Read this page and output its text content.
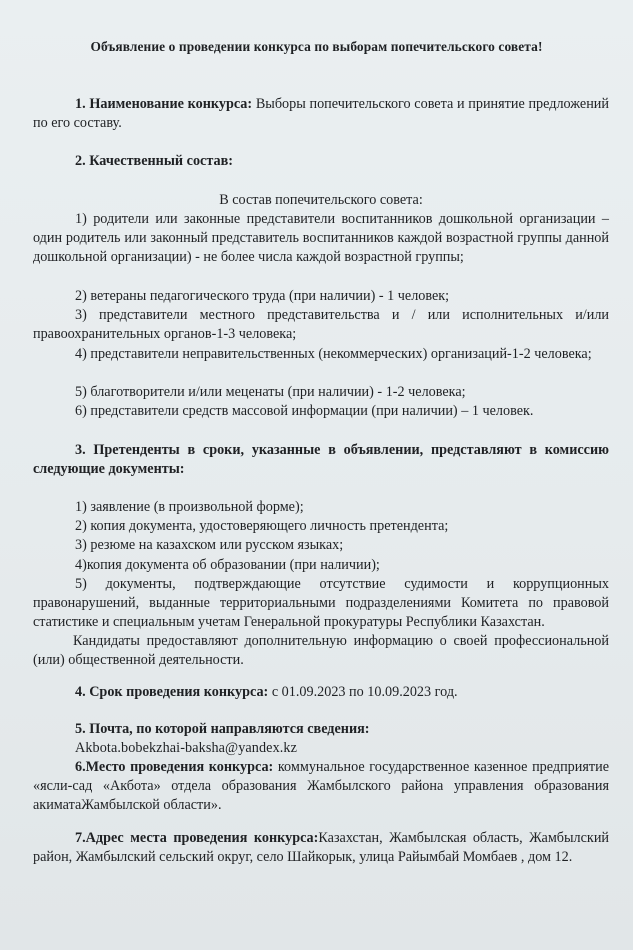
Объявление о проведении конкурса по выборам попечительского совета!
1. Наименование конкурса: Выборы попечительского совета и принятие предложений по его составу.
2. Качественный состав:
В состав попечительского совета:
1) родители или законные представители воспитанников дошкольной организации – один родитель или законный представитель воспитанников каждой возрастной группы данной дошкольной организации) - не более числа каждой возрастной группы;
2) ветераны педагогического труда (при наличии) - 1 человек;
3) представители местного представительства и / или исполнительных и/или правоохранительных органов-1-3 человека;
4) представители неправительственных (некоммерческих) организаций-1-2 человека;
5) благотворители и/или меценаты (при наличии) - 1-2 человека;
6) представители средств массовой информации (при наличии) – 1 человек.
3. Претенденты в сроки, указанные в объявлении, представляют в комиссию следующие документы:
1) заявление (в произвольной форме);
2) копия документа, удостоверяющего личность претендента;
3) резюме на казахском или русском языках;
4)копия документа об образовании (при наличии);
5) документы, подтверждающие отсутствие судимости и коррупционных правонарушений, выданные территориальными подразделениями Комитета по правовой статистике и специальным учетам Генеральной прокуратуры Республики Казахстан.
Кандидаты предоставляют дополнительную информацию о своей профессиональной (или) общественной деятельности.
4. Срок проведения конкурса: с 01.09.2023 по 10.09.2023 год.
5. Почта, по которой направляются сведения:
Akbota.bobekzhai-baksha@yandex.kz
6.Место проведения конкурса: коммунальное государственное казенное предприятие «ясли-сад «Акбота» отдела образования Жамбылского района управления образования акиматаЖамбылской области».
7.Адрес места проведения конкурса:Казахстан, Жамбылская область, Жамбылский район, Жамбылский сельский округ, село Шайкорык, улица Райымбай Момбаев , дом 12.
